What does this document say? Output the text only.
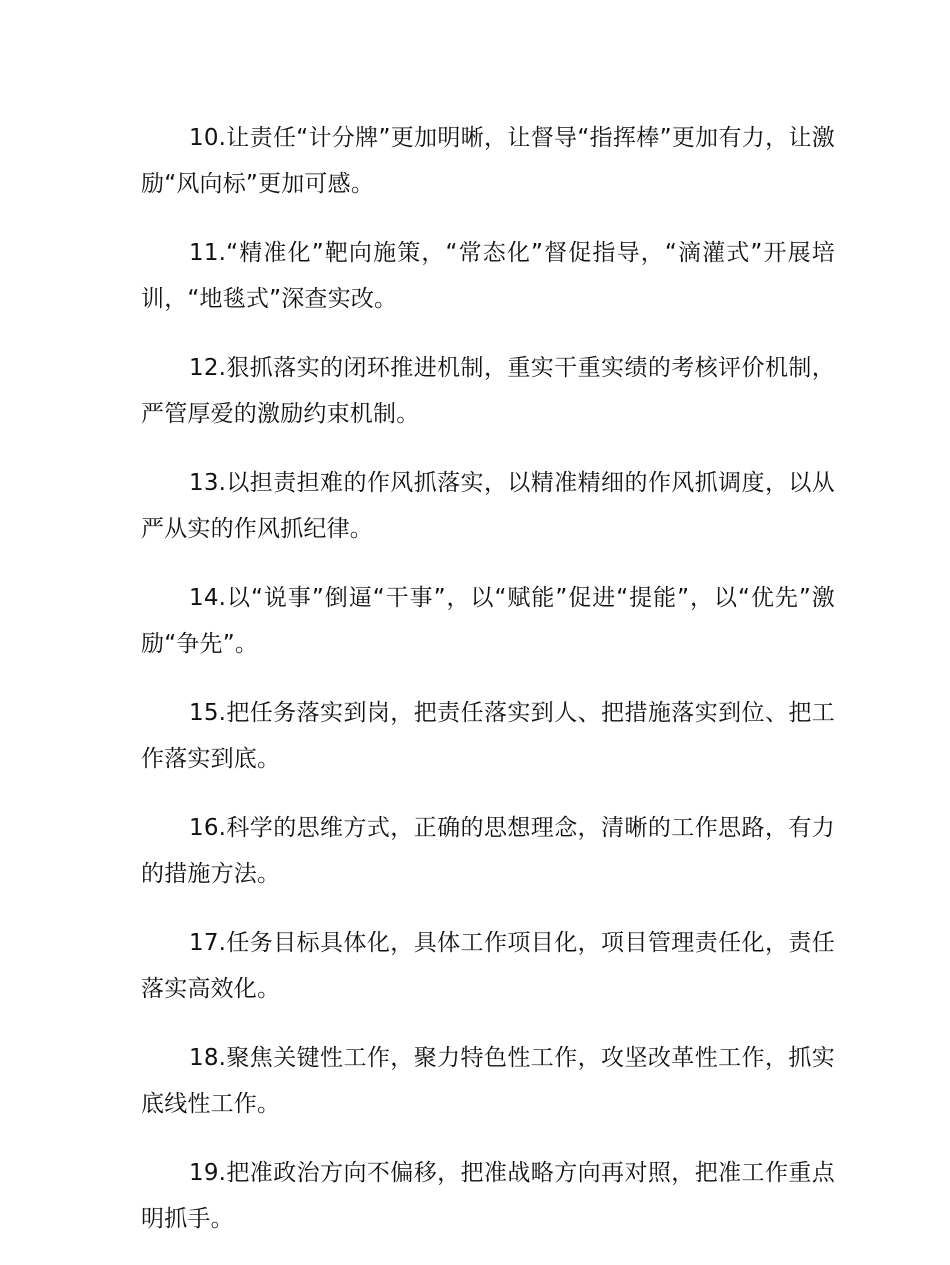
10.让责任“计分牌”更加明晰，让督导“指挥棒”更加有力，让激励“风向标”更加可感。

11.“精准化”靶向施策，“常态化”督促指导，“滴灌式”开展培训，“地毯式”深查实改。

12.狠抓落实的闭环推进机制，重实干重实绩的考核评价机制，严管厚爱的激励约束机制。

13.以担责担难的作风抓落实，以精准精细的作风抓调度，以从严从实的作风抓纪律。

14.以“说事”倒逼“干事”，以“赋能”促进“提能”，以“优先”激励“争先”。

15.把任务落实到岗，把责任落实到人、把措施落实到位、把工作落实到底。

16.科学的思维方式，正确的思想理念，清晰的工作思路，有力的措施方法。

17.任务目标具体化，具体工作项目化，项目管理责任化，责任落实高效化。

18.聚焦关键性工作，聚力特色性工作，攻坚改革性工作，抓实底线性工作。

19.把准政治方向不偏移，把准战略方向再对照，把准工作重点明抓手。
